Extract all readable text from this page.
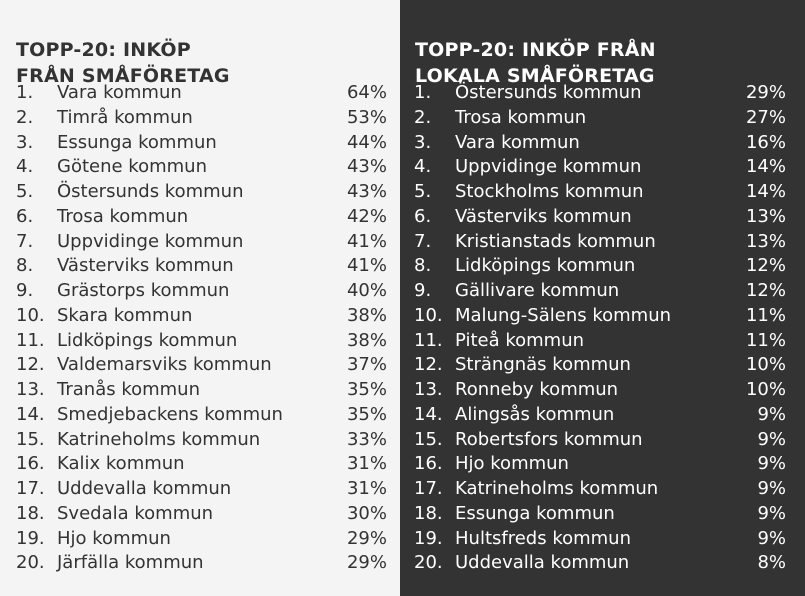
TOPP-20: INKÖP
FRÅN SMÅFÖRETAG
1. Vara kommun	64%
2. Timrå kommun	53%
3. Essunga kommun	44%
4. Götene kommun	43%
5. Östersunds kommun	43%
6. Trosa kommun	42%
7. Uppvidinge kommun	41%
8. Västerviks kommun	41%
9. Grästorps kommun	40%
10. Skara kommun	38%
11. Lidköpings kommun	38%
12. Valdemarsviks kommun	37%
13. Tranås kommun	35%
14. Smedjebackens kommun	35%
15. Katrineholms kommun	33%
16. Kalix kommun	31%
17. Uddevalla kommun	31%
18. Svedala kommun	30%
19. Hjo kommun	29%
20. Järfälla kommun	29%
TOPP-20: INKÖP FRÅN
LOKALA SMÅFÖRETAG
1. Östersunds kommun	29%
2. Trosa kommun	27%
3. Vara kommun	16%
4. Uppvidinge kommun	14%
5. Stockholms kommun	14%
6. Västerviks kommun	13%
7. Kristianstads kommun	13%
8. Lidköpings kommun	12%
9. Gällivare kommun	12%
10. Malung-Sälens kommun	11%
11. Piteå kommun	11%
12. Strängnäs kommun	10%
13. Ronneby kommun	10%
14. Alingsås kommun	9%
15. Robertsfors kommun	9%
16. Hjo kommun	9%
17. Katrineholms kommun	9%
18. Essunga kommun	9%
19. Hultsfreds kommun	9%
20. Uddevalla kommun	8%
